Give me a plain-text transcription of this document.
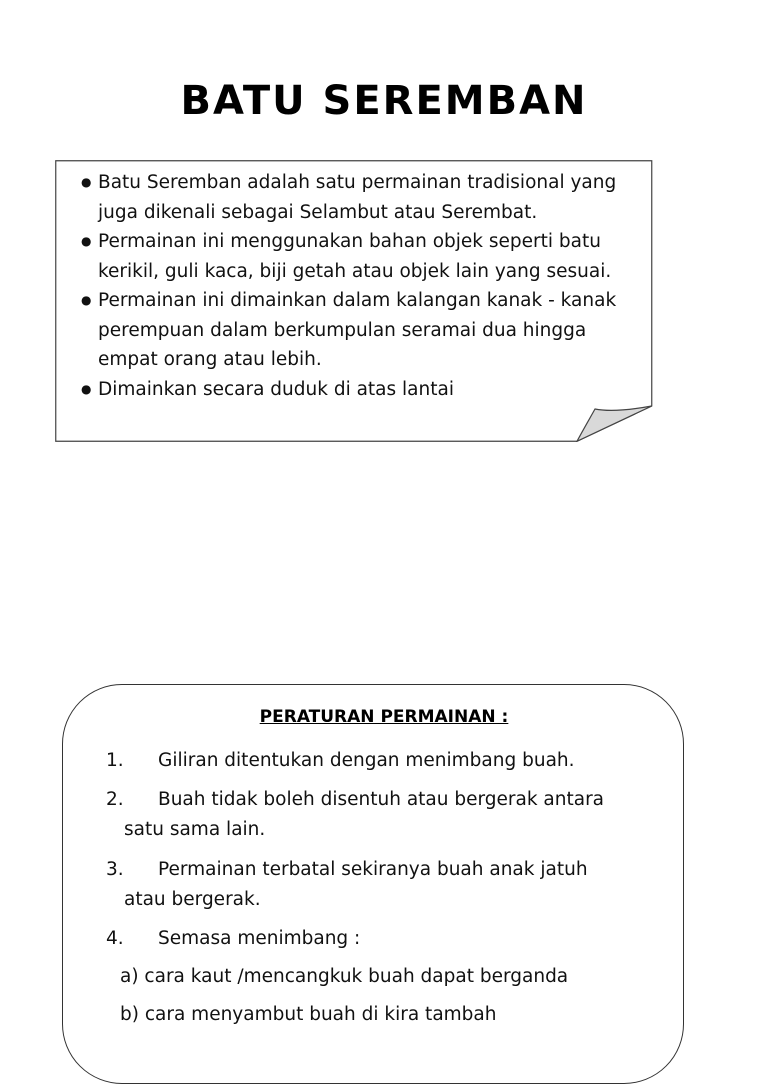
BATU SEREMBAN
● Batu Seremban adalah satu permainan tradisional yang
juga dikenali sebagai Selambut atau Serembat.
● Permainan ini menggunakan bahan objek seperti batu
kerikil, guli kaca, biji getah atau objek lain yang sesuai.
● Permainan ini dimainkan dalam kalangan kanak - kanak
perempuan dalam berkumpulan seramai dua hingga
empat orang atau lebih.
● Dimainkan secara duduk di atas lantai
PERATURAN PERMAINAN :
1.	Giliran ditentukan dengan menimbang buah.
2.	Buah tidak boleh disentuh atau bergerak antara
satu sama lain.
3.	Permainan terbatal sekiranya buah anak jatuh
atau bergerak.
4.	Semasa menimbang :
a) cara kaut /mencangkuk buah dapat berganda
b) cara menyambut buah di kira tambah
